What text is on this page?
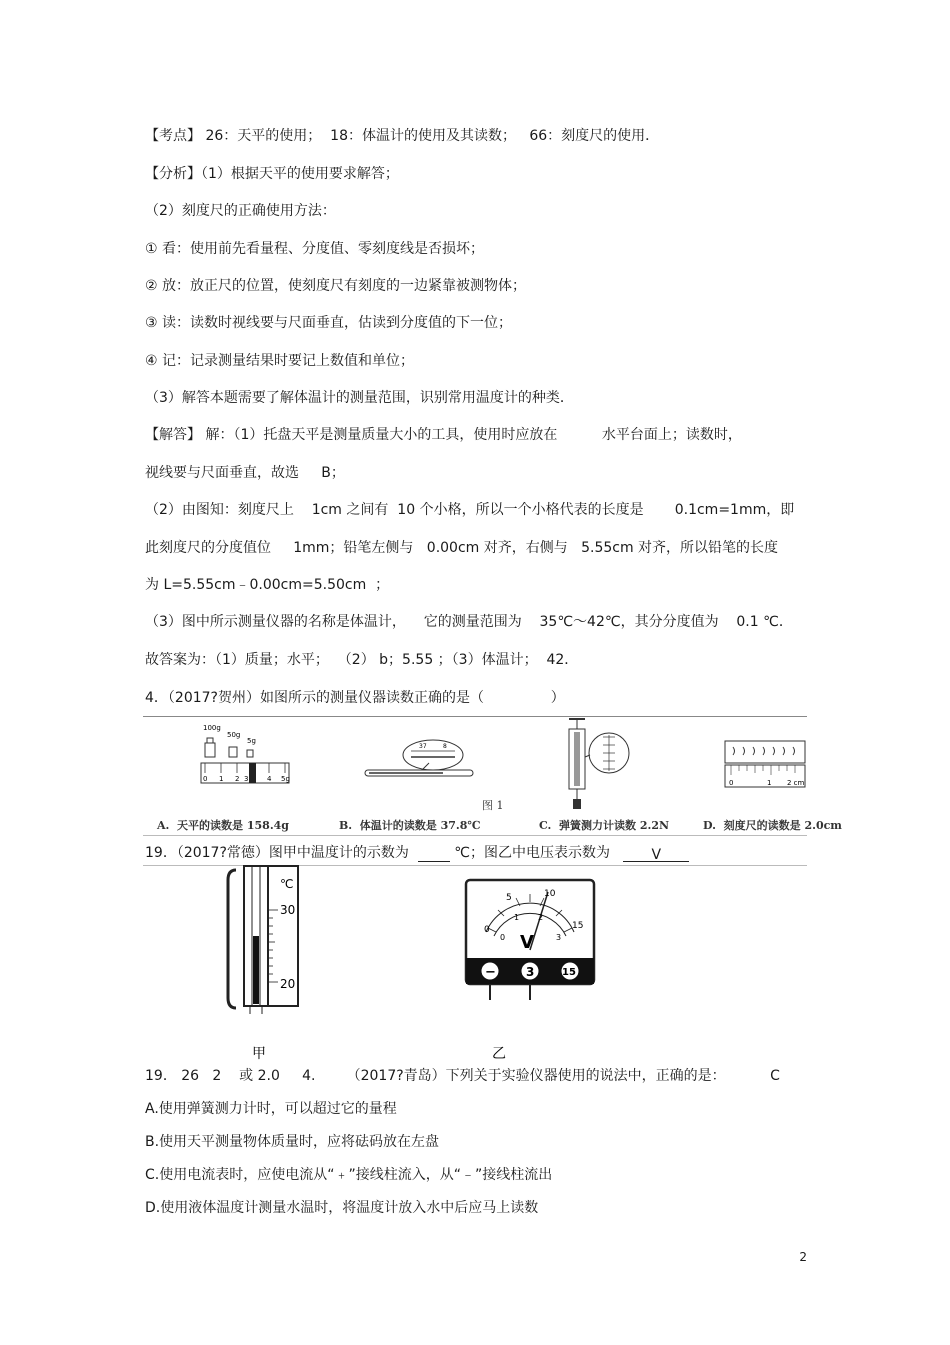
【考点】 26：天平的使用；  18：体温计的使用及其读数；   66：刻度尺的使用．
【分析】（1）根据天平的使用要求解答；
（2）刻度尺的正确使用方法：
① 看：使用前先看量程、分度值、零刻度线是否损坏；
② 放：放正尺的位置，使刻度尺有刻度的一边紧靠被测物体；
③ 读：读数时视线要与尺面垂直，估读到分度值的下一位；
④ 记：记录测量结果时要记上数值和单位；
（3）解答本题需要了解体温计的测量范围，识别常用温度计的种类．
【解答】 解：（1）托盘天平是测量质量大小的工具，使用时应放在          水平台面上；读数时，
视线要与尺面垂直，故选     B；
（2）由图知：刻度尺上    1cm 之间有  10 个小格，所以一个小格代表的长度是       0.1cm=1mm，即
此刻度尺的分度值位     1mm；铅笔左侧与   0.00cm 对齐，右侧与   5.55cm 对齐，所以铅笔的长度
为 L=5.55cm﹣0.00cm=5.50cm  ；
（3）图中所示测量仪器的名称是体温计，    它的测量范围为    35℃～42℃，其分分度值为    0.1 ℃．
故答案为：（1）质量；水平；  （2） b；5.55 ；（3）体温计；  42．
4．（2017?贺州）如图所示的测量仪器读数正确的是（               ）
100g
50g
5g
0 1 2 3	4 5g
37	8
0	1 2 cm
图 1
A.  天平的读数是 158.4g	B.  体温计的读数是 37.8℃	C.  弹簧测力计读数 2.2N	D.  刻度尺的读数是 2.0cm
19．（2017?常德）图甲中温度计的示数为	℃；图乙中电压表示数为   V
℃
30
20
0
5	10
15
0
1 2
3
V
−	3	15
甲	乙
19． 26   2    或 2.0     4.       （2017?青岛）下列关于实验仪器使用的说法中，正确的是：          C
A.使用弹簧测力计时，可以超过它的量程
B.使用天平测量物体质量时，应将砝码放在左盘
C.使用电流表时，应使电流从“﹢”接线柱流入，从“﹣”接线柱流出
D.使用液体温度计测量水温时，将温度计放入水中后应马上读数
2
